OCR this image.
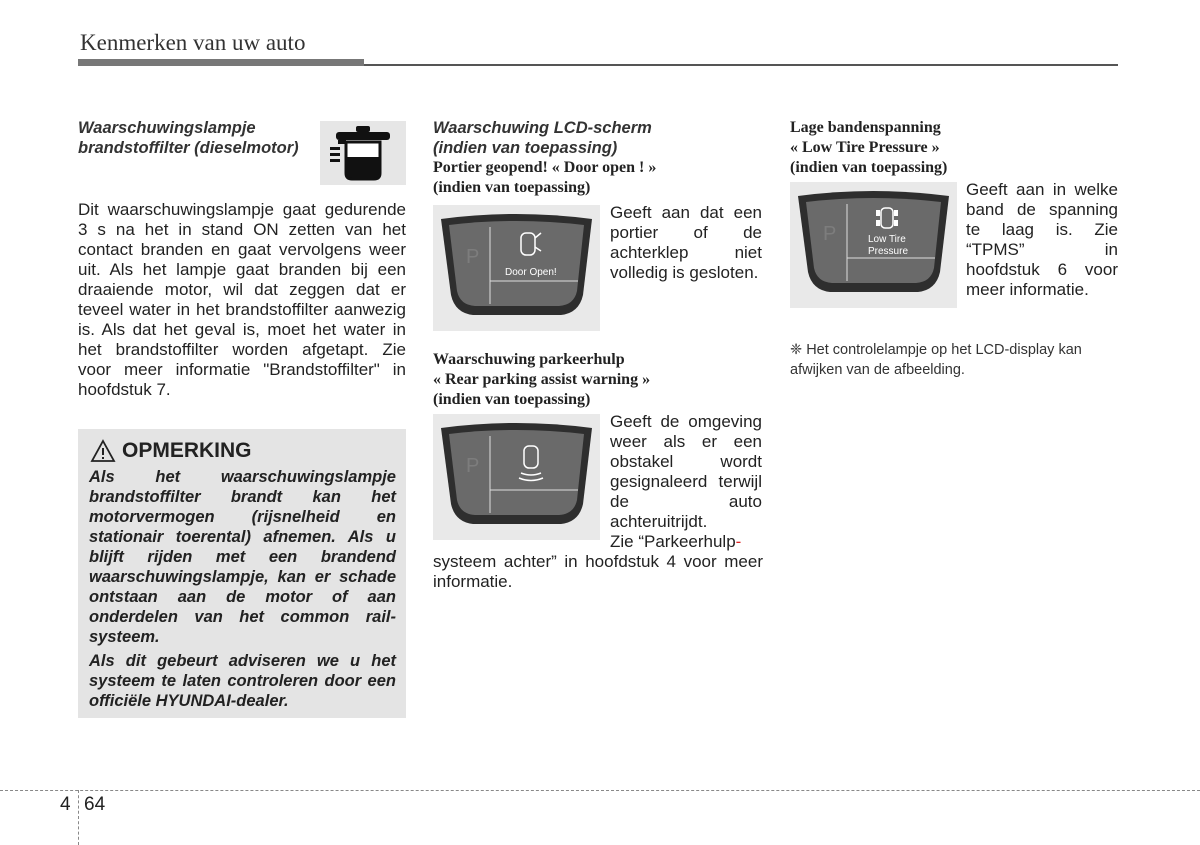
Kenmerken van uw auto
Waarschuwingslampje
brandstoffilter (dieselmotor)
Dit waarschuwingslampje gaat gedurende 3 s na het in stand ON zetten van het contact branden en gaat vervolgens weer uit. Als het lampje gaat branden bij een draaiende motor, wil dat zeggen dat er teveel water in het brandstoffilter aanwezig is. Als dat het geval is, moet het water in het brandstoffilter worden afgetapt. Zie voor meer informatie "Brandstoffilter" in hoofdstuk 7.
OPMERKING

Als het waarschuwingslampje brandstoffilter brandt kan het motorvermogen (rijsnelheid en stationair toerental) afnemen. Als u blijft rijden met een brandend waarschuwingslampje, kan er schade ontstaan aan de motor of aan onderdelen van het common rail-systeem.

Als dit gebeurt adviseren we u het systeem te laten controleren door een officiële HYUNDAI-dealer.

Waarschuwing LCD-scherm
(indien van toepassing)
Portier geopend! « Door open ! »
(indien van toepassing)
P
Door Open!
Geeft aan dat een portier of de achterklep niet volledig is gesloten.
Waarschuwing parkeerhulp
« Rear parking assist warning »
(indien van toepassing)
P
Geeft de omgeving weer als er een obstakel wordt gesignaleerd terwijl de auto achteruitrijdt.
Zie “Parkeerhulp-
systeem achter” in hoofdstuk 4 voor meer informatie.
Lage bandenspanning
« Low Tire Pressure »
(indien van toepassing)
P	Low Tire
Pressure
Geeft aan in welke band de spanning te laag is. Zie “TPMS” in hoofdstuk 6 voor meer informatie.
❈ Het controlelampje op het LCD-display kan afwijken van de afbeelding.
4 64
